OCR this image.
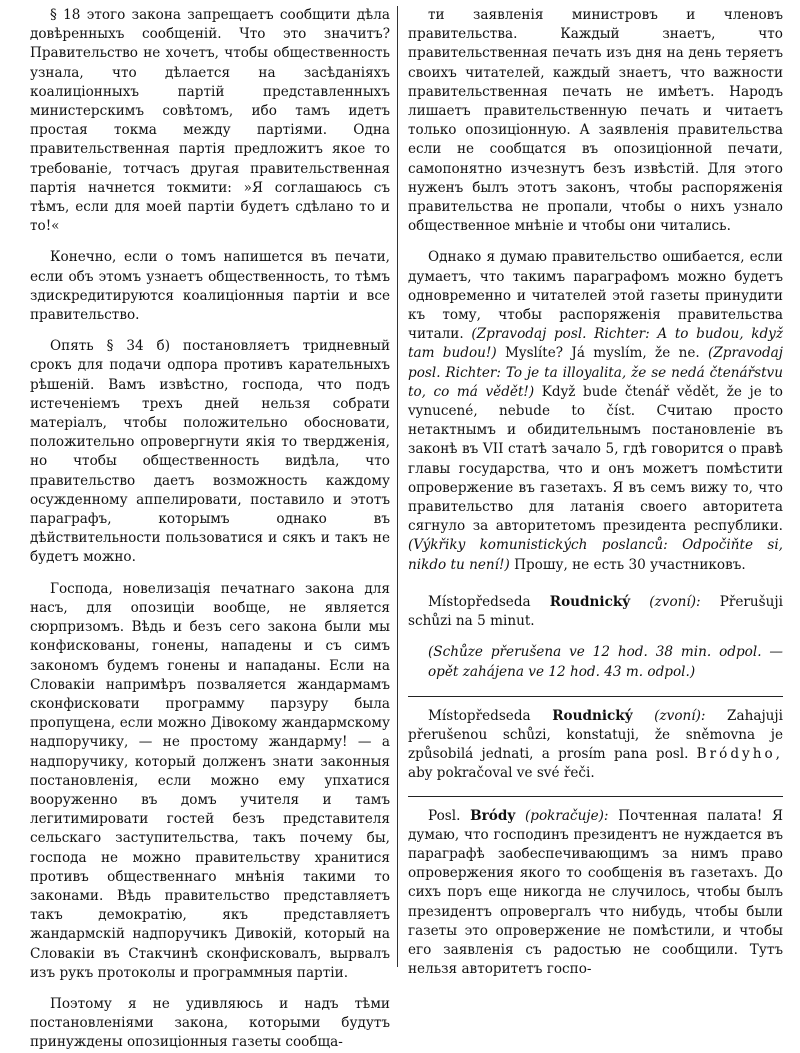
§ 18 этого закона запрещаетъ сообщити дѣла довѣренныхъ сообщеній. Что это значитъ? Правительство не хочетъ, чтобы общественность узнала, что дѣлается на засѣданіяхъ коалиціонныхъ партій представленныхъ министерскимъ совѣтомъ, ибо тамъ идетъ простая токма между партіями. Одна правительственная партія предложитъ якое то требованіе, тотчасъ другая правительственная партія начнется токмити: »Я соглашаюсь съ тѣмъ, если для моей партіи будетъ сдѣлано то и то!«

Конечно, если о томъ напишется въ печати, если объ этомъ узнаетъ общественность, то тѣмъ здискредитируются коалиціонныя партіи и все правительство.

Опять § 34 б) постановляетъ тридневный срокъ для подачи одпора противъ карательныхъ рѣшеній. Вамъ извѣстно, господа, что подъ истеченіемъ трехъ дней нельзя собрати матеріалъ, чтобы положительно обосновати, положительно опровергнути якія то твердженія, но чтобы общественность видѣла, что правительство даетъ возможность каждому осужденному аппелировати, поставило и этотъ параграфъ, которымъ однако въ дѣйствительности пользоватися и сякъ и такъ не будетъ можно.

Господа, новелизація печатнаго закона для насъ, для опозиціи вообще, не является сюрпризомъ. Вѣдь и безъ сего закона были мы конфискованы, гонены, нападены и съ симъ закономъ будемъ гонены и нападаны. Если на Словакіи напримѣръ позваляется жандармамъ сконфисковати программу парзуру была пропущена, если можно Дівокому жандармскому надпоручику, — не простому жандарму! — а надпоручику, который долженъ знати законныя постановленія, если можно ему упхатися вооруженно въ домъ учителя и тамъ легитимировати гостей безъ представителя сельскаго заступительства, такъ почему бы, господа не можно правительству хранитися противъ общественнаго мнѣнія такими то законами. Вѣдь правительство представляетъ такъ демократію, якъ представляетъ жандармскій надпоручикъ Дивокій, который на Словакіи въ Стакчинѣ сконфисковалъ, вырвалъ изъ рукъ протоколы и программныя партіи.

Поэтому я не удивляюсь и надъ тѣми постановленіями закона, которыми будутъ принуждены опозиціонныя газеты сообща-

ти заявленія министровъ и членовъ правительства. Каждый знаетъ, что правительственная печать изъ дня на день теряетъ своихъ читателей, каждый знаетъ, что важности правительственная печать не имѣетъ. Народъ лишаетъ правительственную печать и читаетъ только опозиціонную. А заявленія правительства если не сообщатся въ опозиціонной печати, самопонятно изчезнутъ безъ извѣстій. Для этого нуженъ былъ этотъ законъ, чтобы распоряженія правительства не пропали, чтобы о нихъ узнало общественное мнѣніе и чтобы они читались.

Однако я думаю правительство ошибается, если думаетъ, что такимъ параграфомъ можно будетъ одновременно и читателей этой газеты принудити къ тому, чтобы распоряженія правительства читали. (Zpravodaj posl. Richter: A to budou, když tam budou!) Myslíte? Já myslím, že ne. (Zpravodaj posl. Richter: To je ta illoyalita, že se nedá čtenářstvu to, co má vědět!) Když bude čtenář vědět, že je to vynucené, nebude to číst. Считаю просто нетактнымъ и обидительнымъ постановленіе въ законѣ въ VII статѣ зачало 5, гдѣ говорится о правѣ главы государства, что и онъ можетъ помѣстити опровержение въ газетахъ. Я въ семъ вижу то, что правительство для латанія своего авторитета сягнуло за авторитетомъ президента республики. (Výkřiky komunistických poslanců: Odpočiňte si, nikdo tu není!) Прошу, не есть 30 участниковъ.

Místopředseda Roudnický (zvoní): Přerušuji schůzi na 5 minut.

(Schůze přerušena ve 12 hod. 38 min. odpol. — opět zahájena ve 12 hod. 43 m. odpol.)

Místopředseda Roudnický (zvoní): Zahajuji přerušenou schůzi, konstatuji, že sněmovna je způsobilá jednati, a prosím pana posl. Bródyho, aby pokračoval ve své řeči.

Posl. Bródy (pokračuje): Почтенная палата! Я думаю, что господинъ президентъ не нуждается въ параграфѣ заобеспечивающимъ за нимъ право опровержения якого то сообщенія въ газетахъ. До сихъ поръ еще никогда не случилось, чтобы былъ президентъ опровергалъ что нибудь, чтобы были газеты это опровержение не помѣстили, и чтобы его заявленія съ радостью не сообщили. Тутъ нельзя авторитетъ госпо-
